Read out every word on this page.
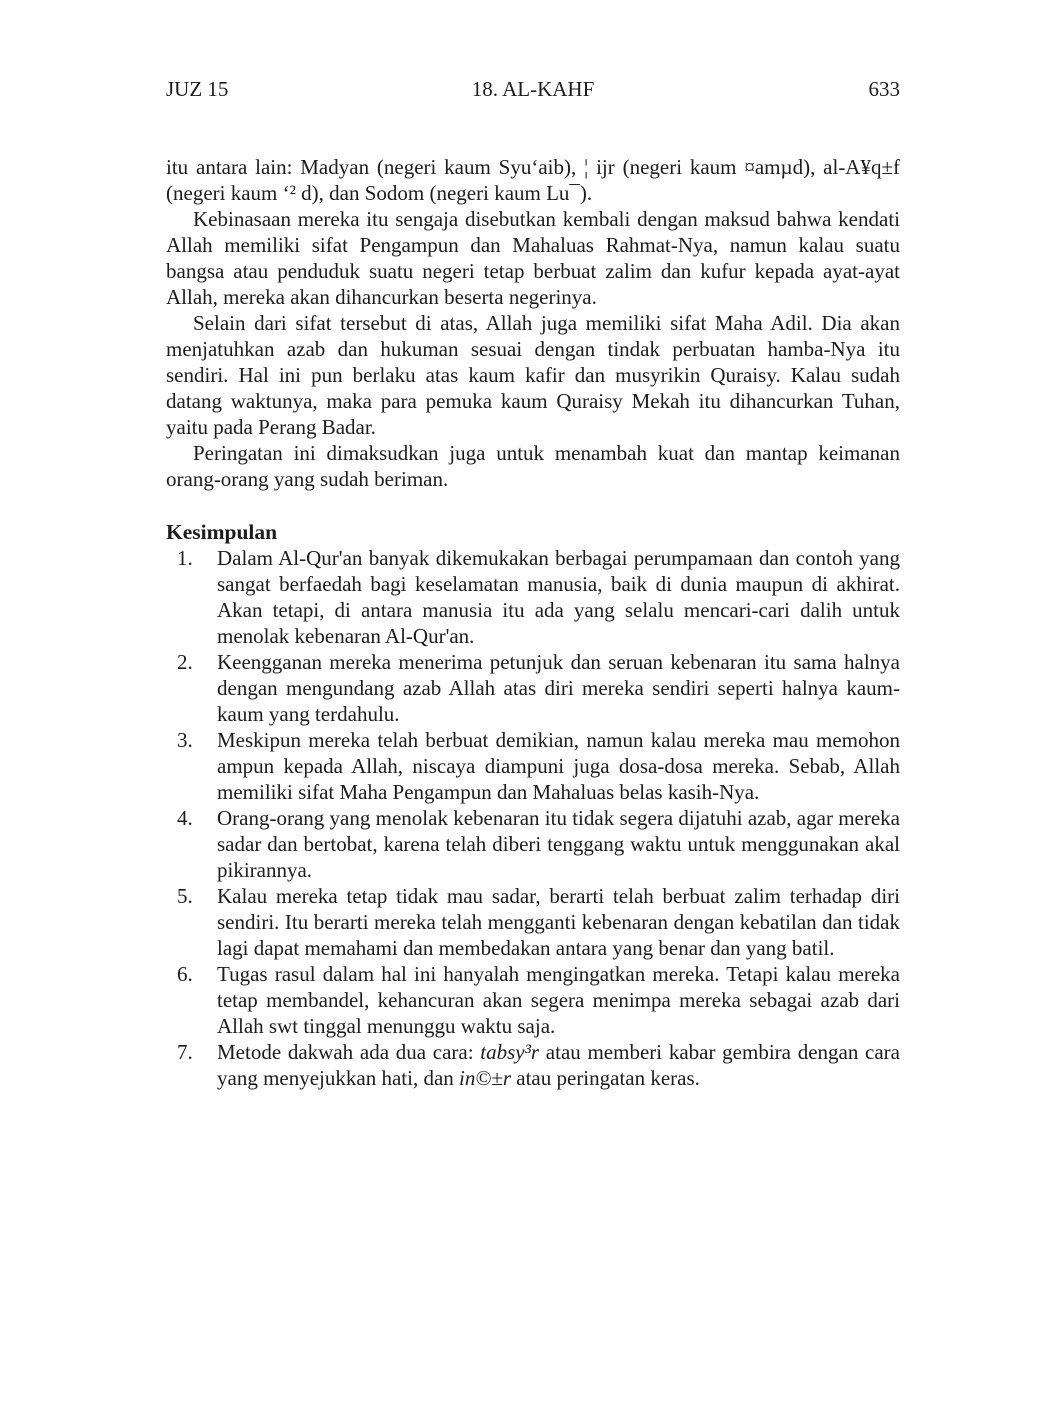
JUZ 15	18. AL-KAHF	633

itu antara lain: Madyan (negeri kaum Syu‘aib), ¦ ijr (negeri kaum ¤amµd), al-A¥q±f (negeri kaum ‘² d), dan Sodom (negeri kaum Lu¯).

Kebinasaan mereka itu sengaja disebutkan kembali dengan maksud bahwa kendati Allah memiliki sifat Pengampun dan Mahaluas Rahmat-Nya, namun kalau suatu bangsa atau penduduk suatu negeri tetap berbuat zalim dan kufur kepada ayat-ayat Allah, mereka akan dihancurkan beserta negerinya.

Selain dari sifat tersebut di atas, Allah juga memiliki sifat Maha Adil. Dia akan menjatuhkan azab dan hukuman sesuai dengan tindak perbuatan hamba-Nya itu sendiri. Hal ini pun berlaku atas kaum kafir dan musyrikin Quraisy. Kalau sudah datang waktunya, maka para pemuka kaum Quraisy Mekah itu dihancurkan Tuhan, yaitu pada Perang Badar.

Peringatan ini dimaksudkan juga untuk menambah kuat dan mantap keimanan orang-orang yang sudah beriman.

Kesimpulan
1. Dalam Al-Qur'an banyak dikemukakan berbagai perumpamaan dan contoh yang sangat berfaedah bagi keselamatan manusia, baik di dunia maupun di akhirat. Akan tetapi, di antara manusia itu ada yang selalu mencari-cari dalih untuk menolak kebenaran Al-Qur'an.
2. Keengganan mereka menerima petunjuk dan seruan kebenaran itu sama halnya dengan mengundang azab Allah atas diri mereka sendiri seperti halnya kaum-kaum yang terdahulu.
3. Meskipun mereka telah berbuat demikian, namun kalau mereka mau memohon ampun kepada Allah, niscaya diampuni juga dosa-dosa mereka. Sebab, Allah memiliki sifat Maha Pengampun dan Mahaluas belas kasih-Nya.
4. Orang-orang yang menolak kebenaran itu tidak segera dijatuhi azab, agar mereka sadar dan bertobat, karena telah diberi tenggang waktu untuk menggunakan akal pikirannya.
5. Kalau mereka tetap tidak mau sadar, berarti telah berbuat zalim terhadap diri sendiri. Itu berarti mereka telah mengganti kebenaran dengan kebatilan dan tidak lagi dapat memahami dan membedakan antara yang benar dan yang batil.
6. Tugas rasul dalam hal ini hanyalah mengingatkan mereka. Tetapi kalau mereka tetap membandel, kehancuran akan segera menimpa mereka sebagai azab dari Allah swt tinggal menunggu waktu saja.
7. Metode dakwah ada dua cara: tabsy³r atau memberi kabar gembira dengan cara yang menyejukkan hati, dan in©±r atau peringatan keras.
